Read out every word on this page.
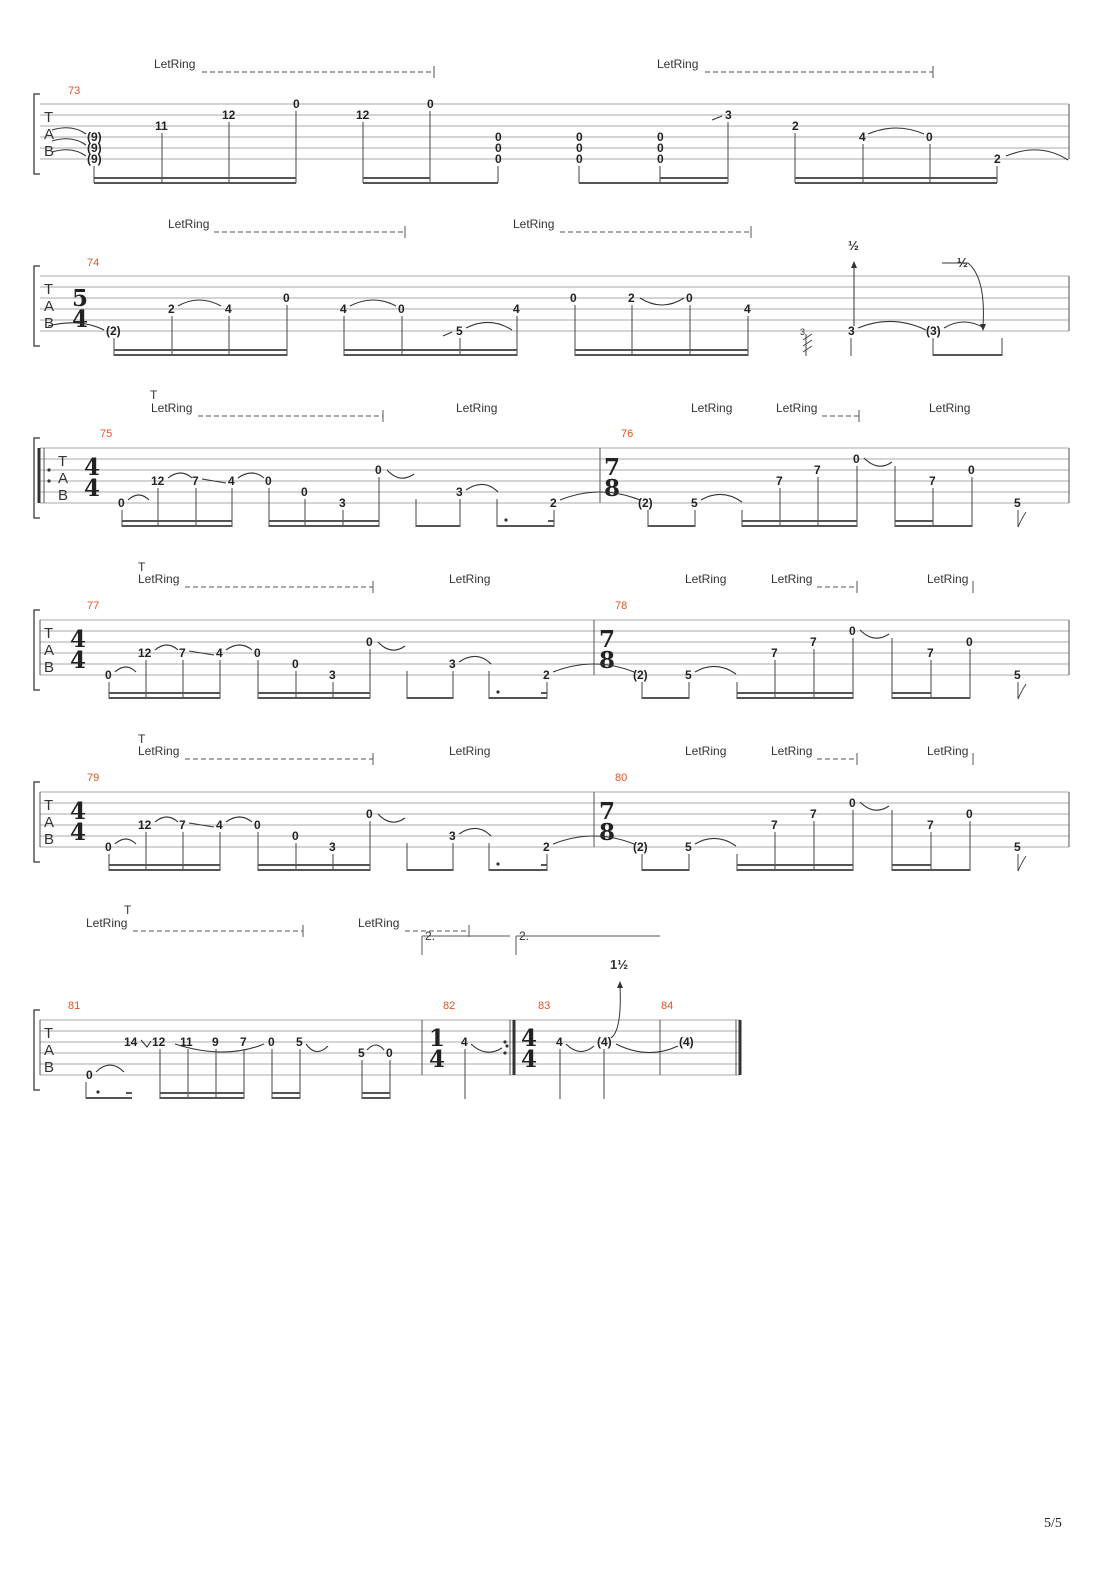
LetRing	LetRing
T
A
B
73
(9)
(9)
(9)
11
12
0
12
0
0
0
0
0
0
0
0
0
0
3
2
4	0
2
LetRing	LetRing
T
A
B
74
5
4 (2)
2	4
0
4	0
5
4
0	2	0
4
3
½
3	(3)
½
T
LetRing	LetRing	LetRing	LetRing	LetRing
T
A
B
75	76
4
4
7
8
0
12 7 4	0
0
3
0
3
2	(2)	5
7
7
0
7
0
5
T
LetRing	LetRing	LetRing	LetRing	LetRing
T
A
B
77	78
4
4
7
8
0
12 7	4	0
0
3
0
3
2	(2)	5
7
7
0
7
0
5
T
LetRing	LetRing	LetRing	LetRing	LetRing
T
A
B
79	80
4
4
7
8
0
12 7	4	0
0
3
0
3
2	(2)	5
7
7
0
7
0
5
T
LetRing	LetRing
2.	2.
T
A
B
81	82	83	84
1
4
4
4
0
14 12 11 9 7 0 5
5 0
4	4	(4)
1½
(4)
5/5
